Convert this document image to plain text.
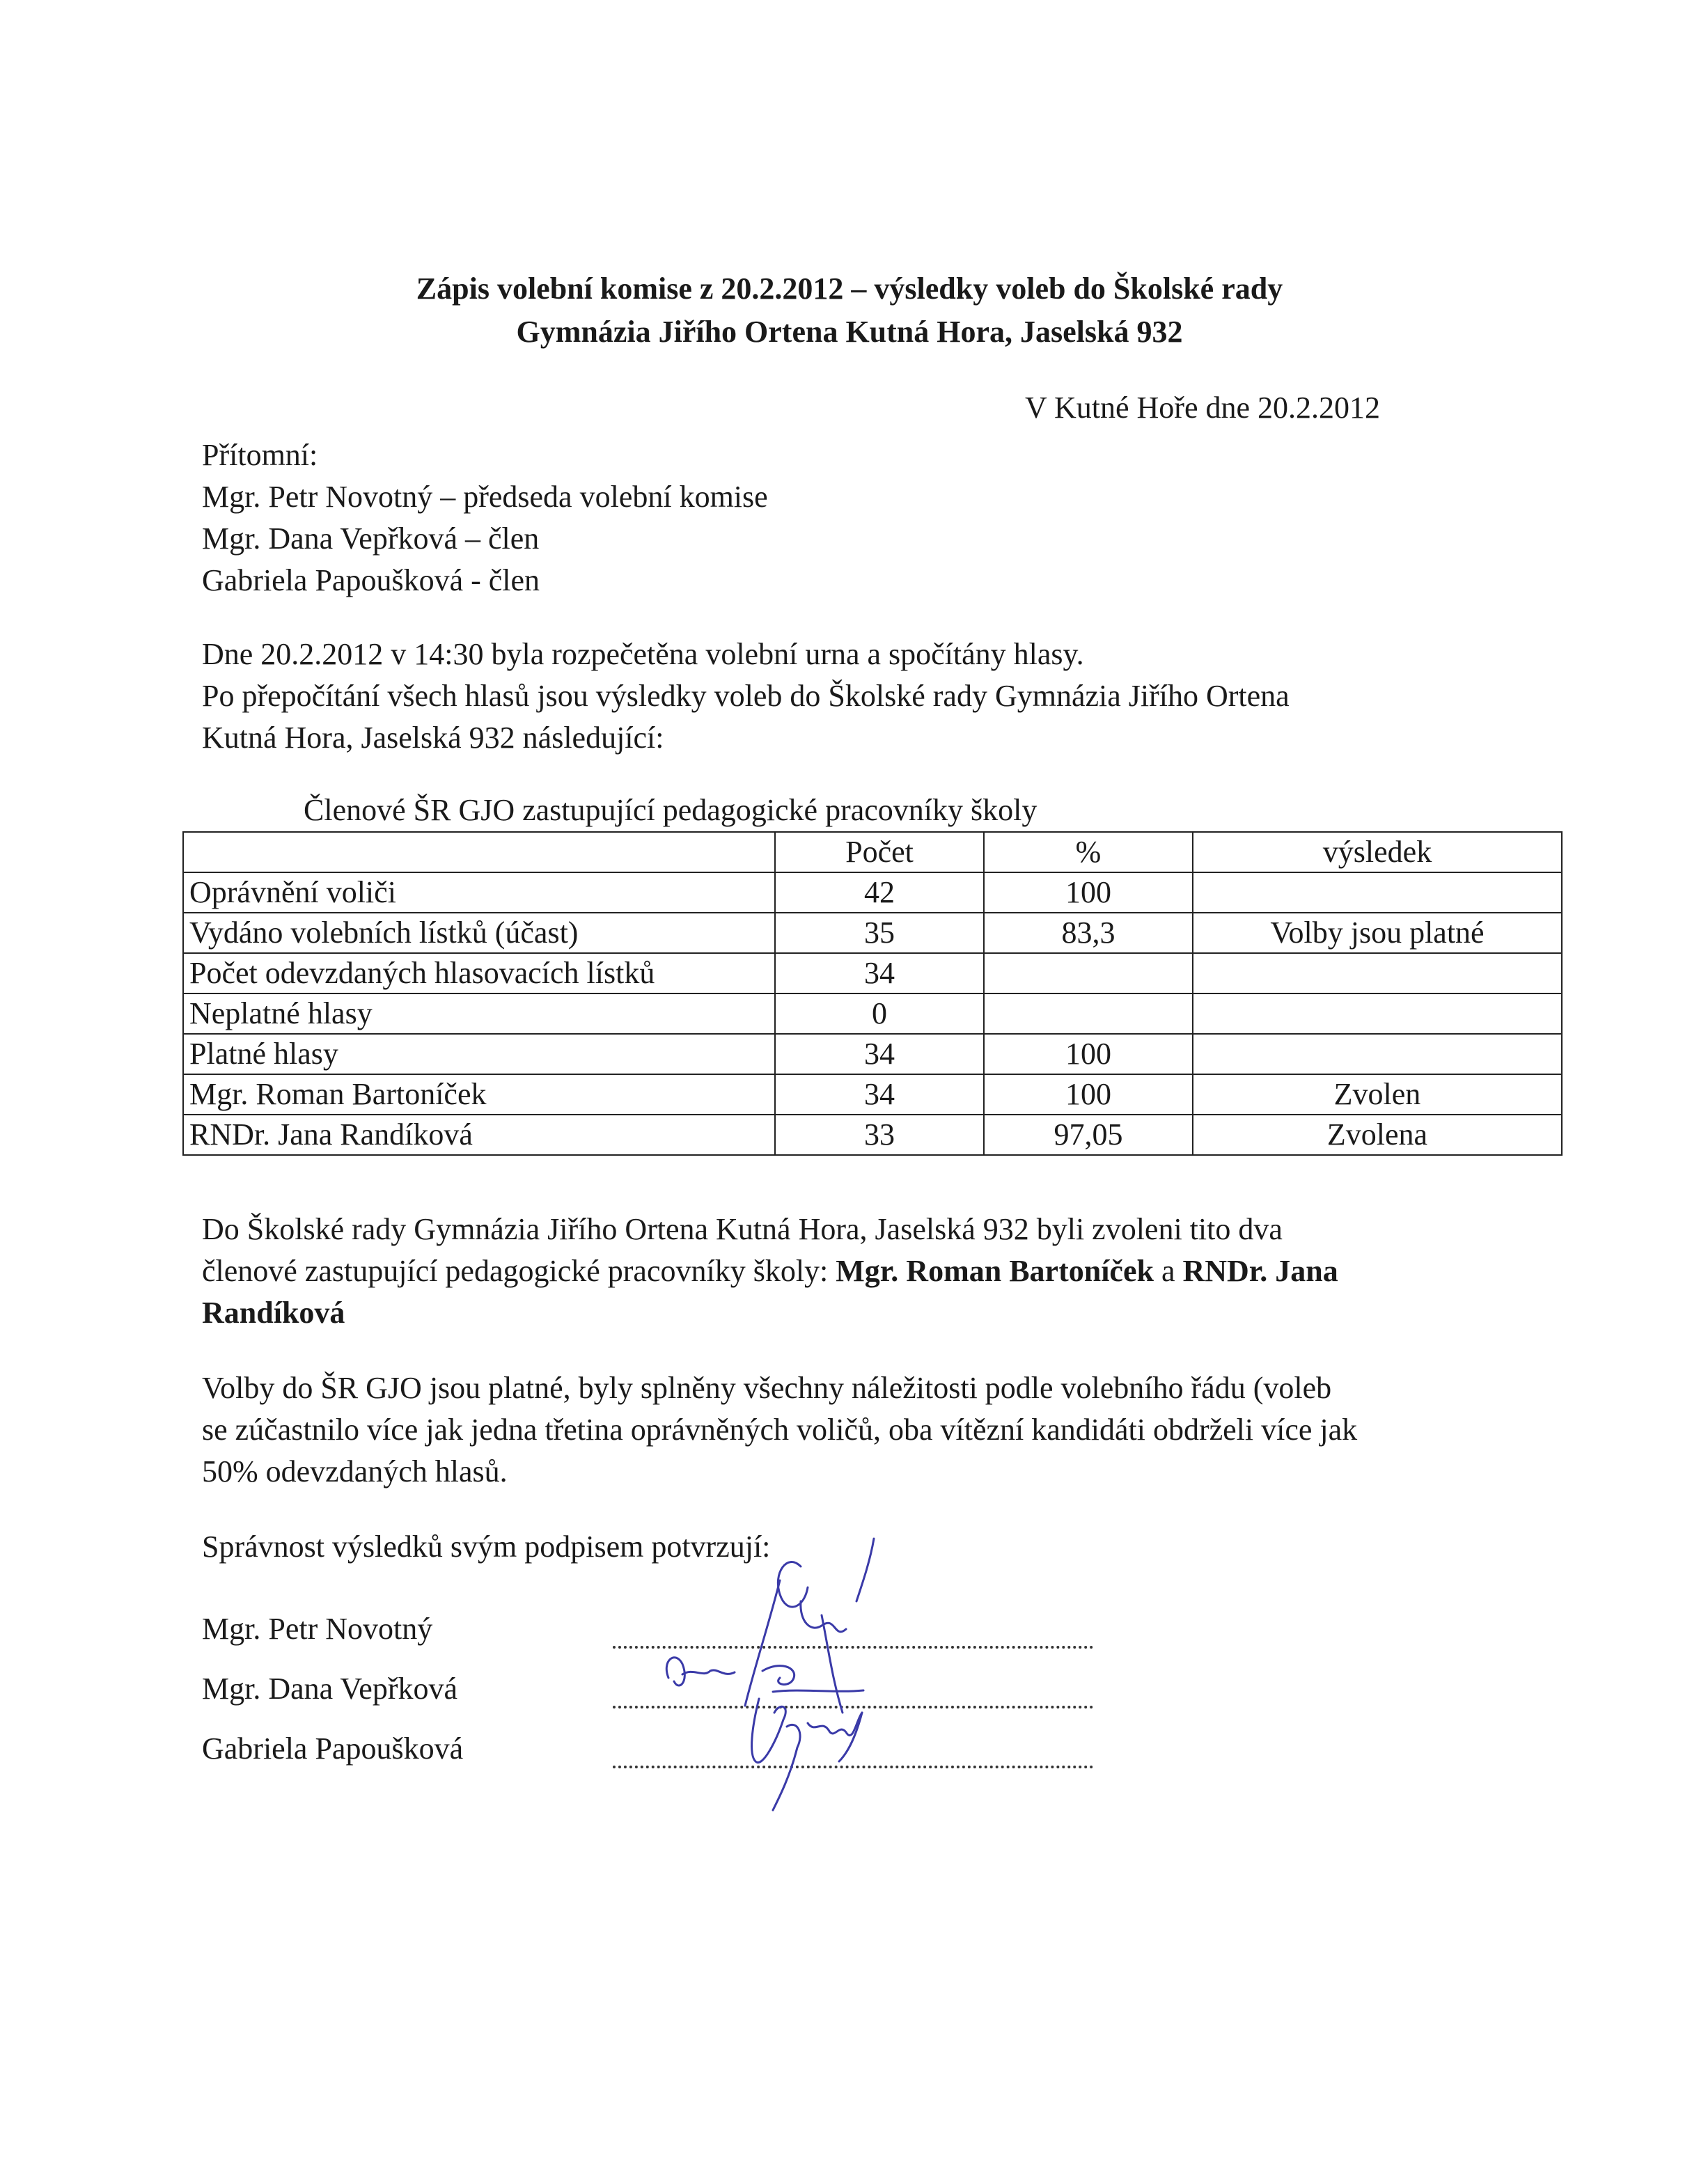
Zápis volební komise z 20.2.2012 – výsledky voleb do Školské rady
Gymnázia Jiřího Ortena Kutná Hora, Jaselská 932
V Kutné Hoře dne 20.2.2012
Přítomní:
Mgr. Petr Novotný – předseda volební komise
Mgr. Dana Vepřková – člen
Gabriela Papoušková - člen
Dne 20.2.2012 v 14:30 byla rozpečetěna volební urna a spočítány hlasy.
Po přepočítání všech hlasů jsou výsledky voleb do Školské rady Gymnázia Jiřího Ortena
Kutná Hora, Jaselská 932 následující:
Členové ŠR GJO zastupující pedagogické pracovníky školy
	Počet	%	výsledek
Oprávnění voliči	42	100	
Vydáno volebních lístků (účast)	35	83,3	Volby jsou platné
Počet odevzdaných hlasovacích lístků	34		
Neplatné hlasy	0		
Platné hlasy	34	100	
Mgr. Roman Bartoníček	34	100	Zvolen
RNDr. Jana Randíková	33	97,05	Zvolena
Do Školské rady Gymnázia Jiřího Ortena Kutná Hora, Jaselská 932 byli zvoleni tito dva
členové zastupující pedagogické pracovníky školy: Mgr. Roman Bartoníček a RNDr. Jana
Randíková
Volby do ŠR GJO jsou platné, byly splněny všechny náležitosti podle volebního řádu (voleb
se zúčastnilo více jak jedna třetina oprávněných voličů, oba vítězní kandidáti obdrželi více jak
50% odevzdaných hlasů.
Správnost výsledků svým podpisem potvrzují:
Mgr. Petr Novotný
Mgr. Dana Vepřková
Gabriela Papoušková
